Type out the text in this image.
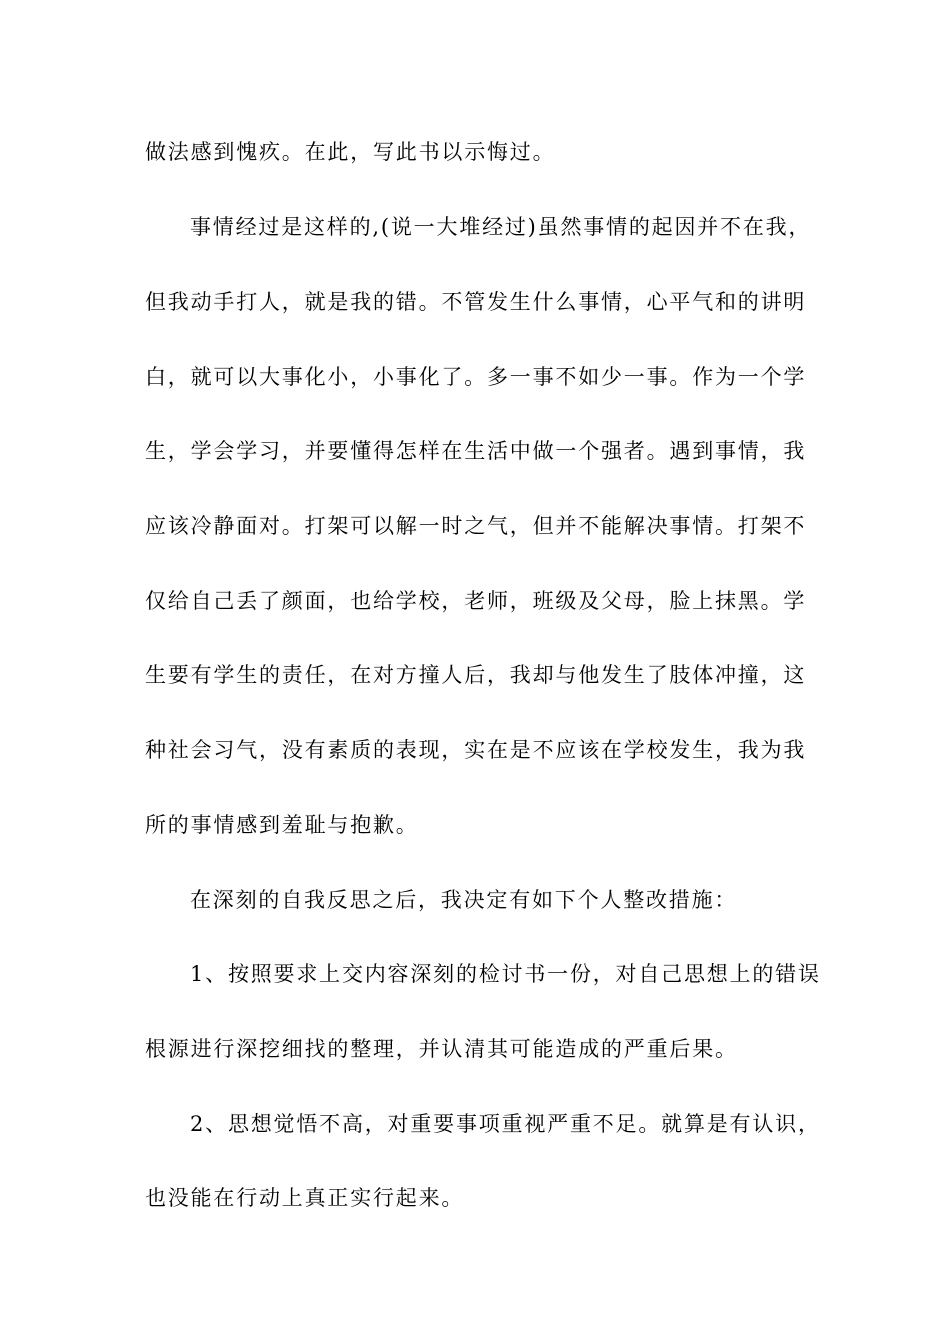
做法感到愧疚。在此，写此书以示悔过。
事情经过是这样的,(说一大堆经过)虽然事情的起因并不在我，
但我动手打人，就是我的错。不管发生什么事情，心平气和的讲明
白，就可以大事化小，小事化了。多一事不如少一事。作为一个学
生，学会学习，并要懂得怎样在生活中做一个强者。遇到事情，我
应该冷静面对。打架可以解一时之气，但并不能解决事情。打架不
仅给自己丢了颜面，也给学校，老师，班级及父母，脸上抹黑。学
生要有学生的责任，在对方撞人后，我却与他发生了肢体冲撞，这
种社会习气，没有素质的表现，实在是不应该在学校发生，我为我
所的事情感到羞耻与抱歉。
在深刻的自我反思之后，我决定有如下个人整改措施：
1、按照要求上交内容深刻的检讨书一份，对自己思想上的错误
根源进行深挖细找的整理，并认清其可能造成的严重后果。
2、思想觉悟不高，对重要事项重视严重不足。就算是有认识，
也没能在行动上真正实行起来。
